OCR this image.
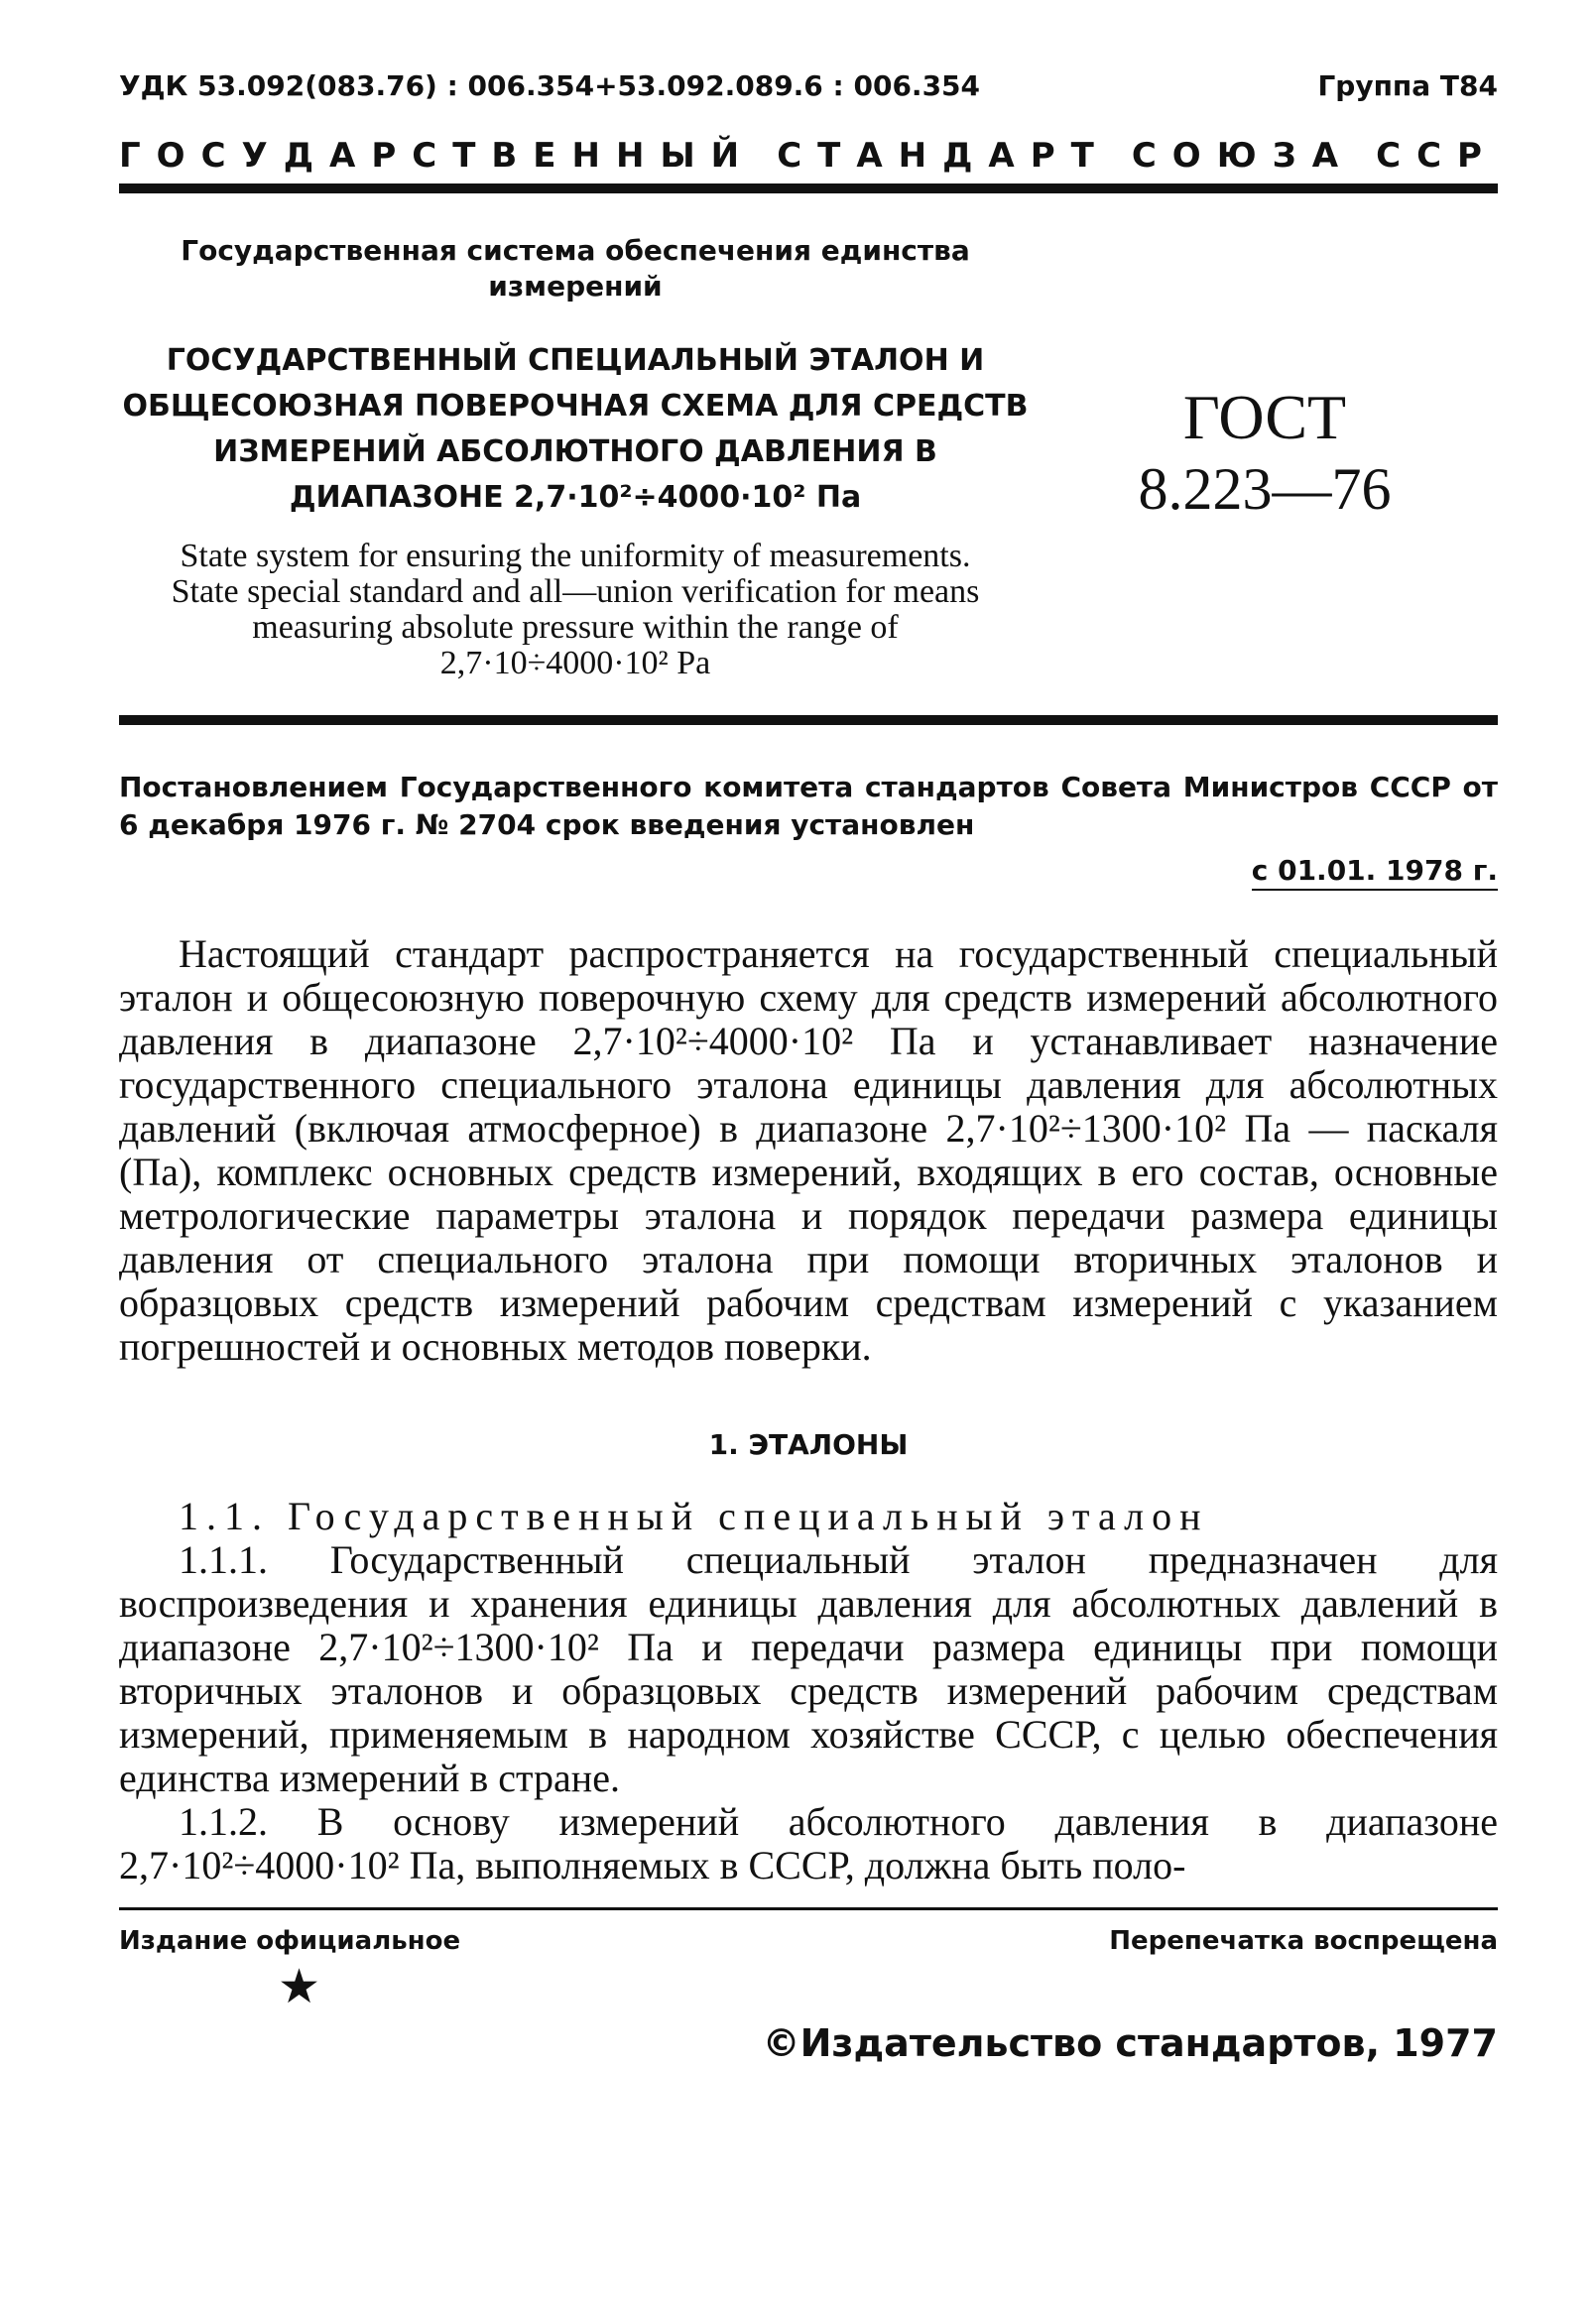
УДК 53.092(083.76) : 006.354+53.092.089.6 : 006.354	Группа Т84
ГОСУДАРСТВЕННЫЙ СТАНДАРТ СОЮЗА ССР
Государственная система обеспечения единства измерений
ГОСУДАРСТВЕННЫЙ СПЕЦИАЛЬНЫЙ ЭТАЛОН И ОБЩЕСОЮЗНАЯ ПОВЕРОЧНАЯ СХЕМА ДЛЯ СРЕДСТВ ИЗМЕРЕНИЙ АБСОЛЮТНОГО ДАВЛЕНИЯ В ДИАПАЗОНЕ 2,7·10²÷4000·10² Па
State system for ensuring the uniformity of measurements. State special standard and all—union verification for means measuring absolute pressure within the range of 2,7·10÷4000·10² Pa
ГОСТ
8.223—76
Постановлением Государственного комитета стандартов Совета Министров СССР от 6 декабря 1976 г. № 2704 срок введения установлен
с 01.01. 1978 г.
Настоящий стандарт распространяется на государственный специальный эталон и общесоюзную поверочную схему для средств измерений абсолютного давления в диапазоне 2,7·10²÷4000·10² Па и устанавливает назначение государственного специального эталона единицы давления для абсолютных давлений (включая атмосферное) в диапазоне 2,7·10²÷1300·10² Па — паскаля (Па), комплекс основных средств измерений, входящих в его состав, основные метрологические параметры эталона и порядок передачи размера единицы давления от специального эталона при помощи вторичных эталонов и образцовых средств измерений рабочим средствам измерений с указанием погрешностей и основных методов поверки.
1. ЭТАЛОНЫ
1.1. Государственный специальный эталон
1.1.1. Государственный специальный эталон предназначен для воспроизведения и хранения единицы давления для абсолютных давлений в диапазоне 2,7·10²÷1300·10² Па и передачи размера единицы при помощи вторичных эталонов и образцовых средств измерений рабочим средствам измерений, применяемым в народном хозяйстве СССР, с целью обеспечения единства измерений в стране.
1.1.2. В основу измерений абсолютного давления в диапазоне 2,7·10²÷4000·10² Па, выполняемых в СССР, должна быть поло-
Издание официальное	Перепечатка воспрещена
★
©Издательство стандартов, 1977
